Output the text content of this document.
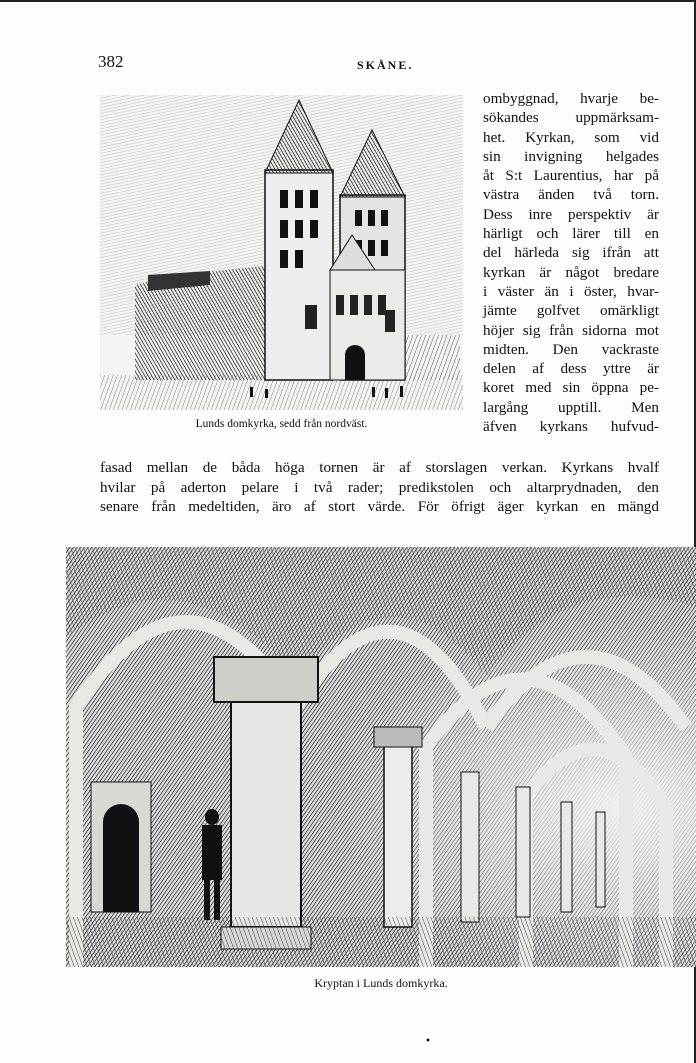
382	SKÅNE.
Lunds domkyrka, sedd från nordväst.
ombyggnad, hvarje be-
sökandes uppmärksam-
het. Kyrkan, som vid
sin invigning helgades
åt S:t Laurentius, har på
västra änden två torn.
Dess inre perspektiv är
härligt och lärer till en
del härleda sig ifrån att
kyrkan är något bredare
i väster än i öster, hvar-
jämte golfvet omärkligt
höjer sig från sidorna mot
midten. Den vackraste
delen af dess yttre är
koret med sin öppna pe-
largång upptill. Men
äfven kyrkans hufvud-
fasad mellan de båda höga tornen är af storslagen verkan. Kyrkans hvalf
hvilar på aderton pelare i två rader; predikstolen och altarprydnaden, den
senare från medeltiden, äro af stort värde. För öfrigt äger kyrkan en mängd
Kryptan i Lunds domkyrka.
•
